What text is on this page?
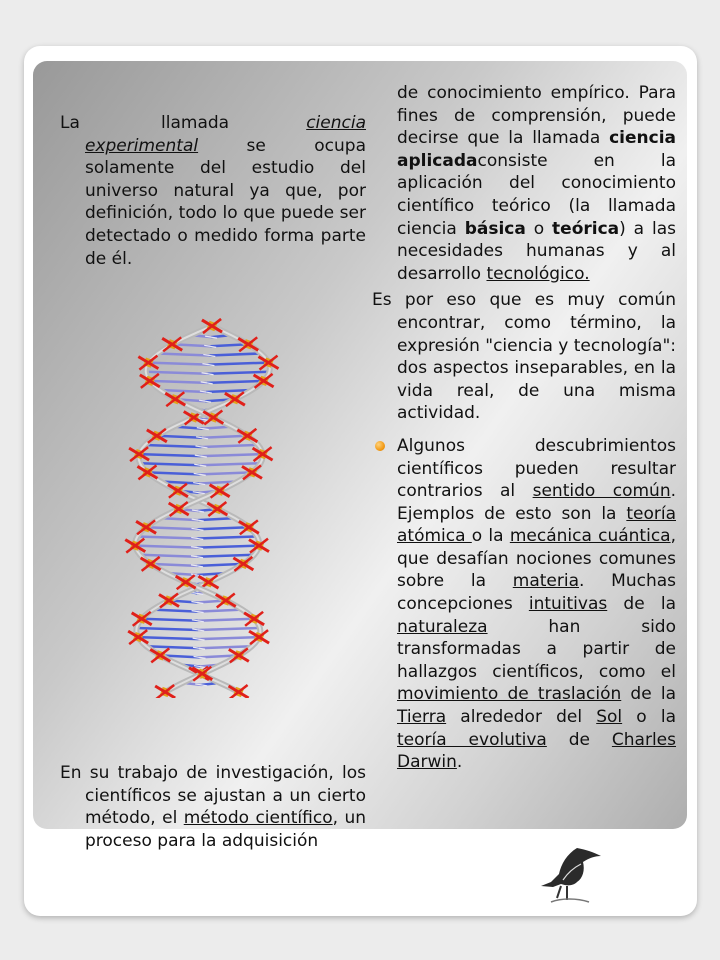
La	llamada	ciencia experimental se ocupa solamente del estudio del universo natural ya que, por definición, todo lo que puede ser detectado o medido forma parte de él.

En su trabajo de investigación, los científicos se ajustan a un cierto método, el método científico, un proceso para la adquisición

de conocimiento empírico. Para fines de comprensión, puede decirse que la llamada ciencia aplicadaconsiste en la aplicación del conocimiento científico teórico (la llamada ciencia básica o teórica) a las necesidades humanas y al desarrollo tecnológico.

Es por eso que es muy común encontrar, como término, la expresión "ciencia y tecnología": dos aspectos inseparables, en la vida real, de una misma actividad.

Algunos descubrimientos científicos pueden resultar contrarios al sentido común. Ejemplos de esto son la teoría atómica o la mecánica cuántica, que desafían nociones comunes sobre la materia. Muchas concepciones intuitivas de la naturaleza han sido transformadas a partir de hallazgos científicos, como el movimiento de traslación de la Tierra alrededor del Sol o la teoría evolutiva de Charles Darwin.
